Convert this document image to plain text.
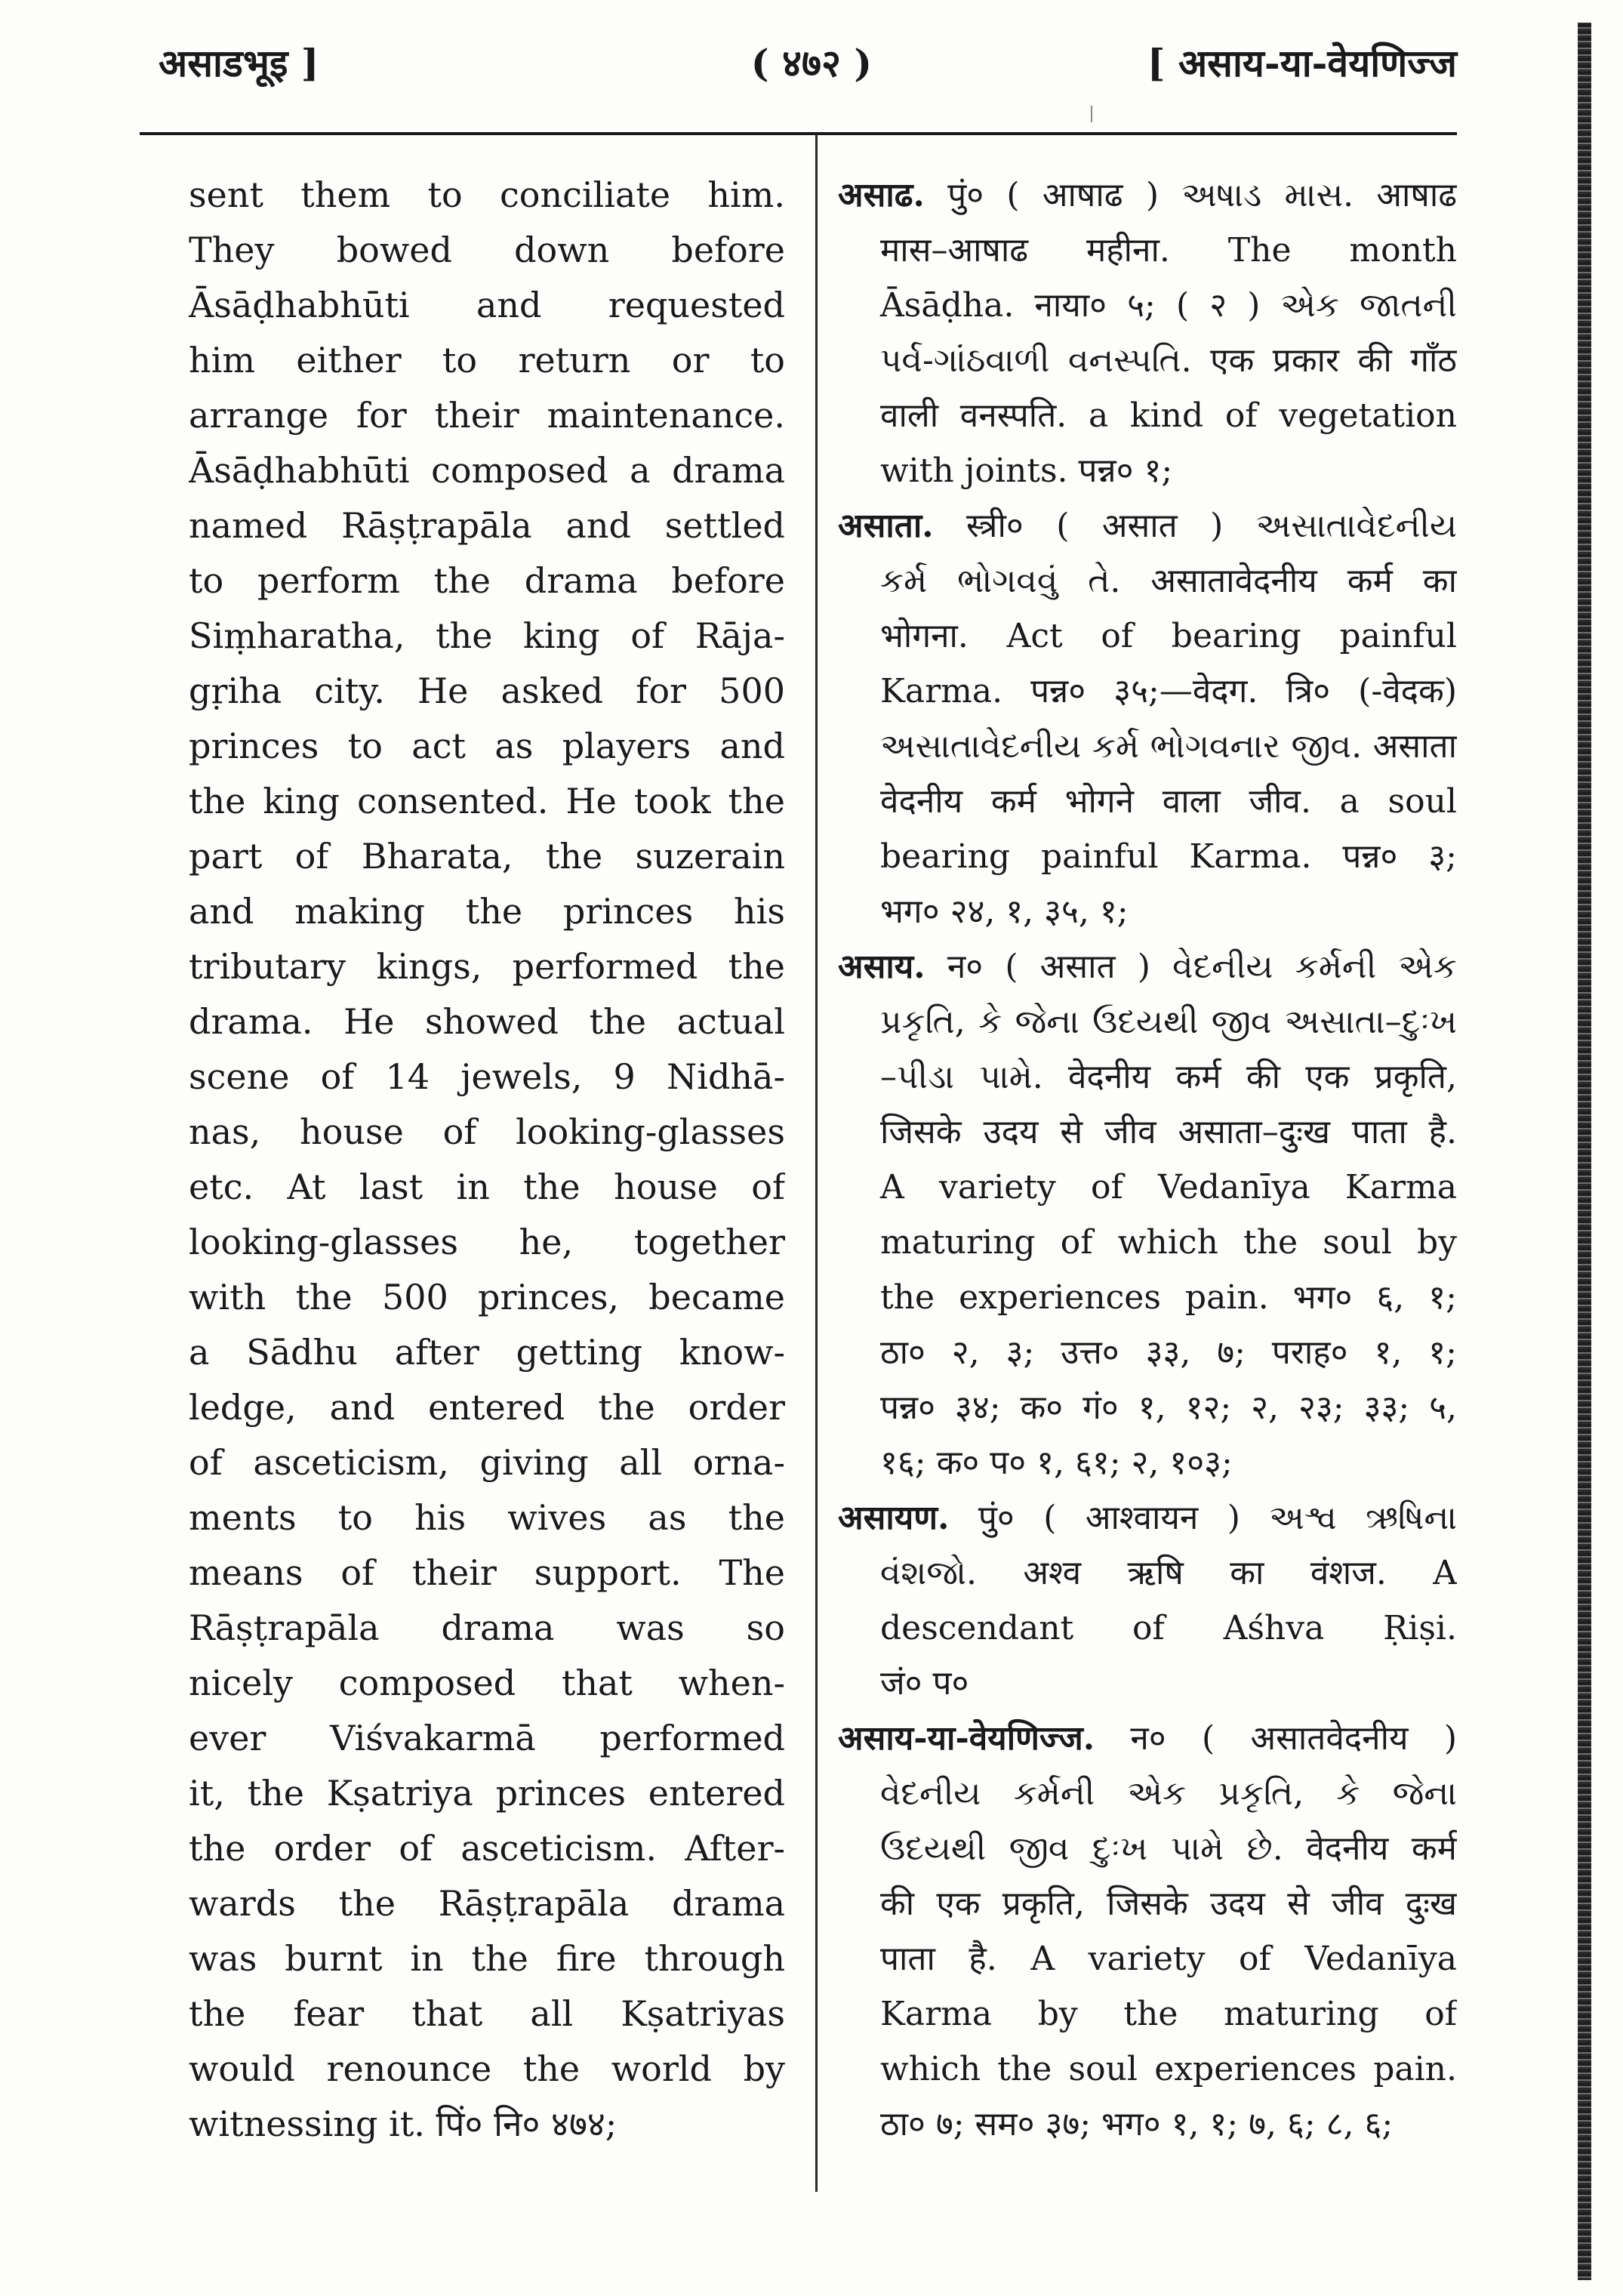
असाडभूइ ]	( ४७२ )	[ असाय-या-वेयणिज्ज
sent them to conciliate him.
They bowed down before
Āsāḍhabhūti and requested
him either to return or to
arrange for their maintenance.
Āsāḍhabhūti composed a drama
named Rāṣṭrapāla and settled
to perform the drama before
Siṃharatha, the king of Rāja-
gṛiha city. He asked for 500
princes to act as players and
the king consented. He took the
part of Bharata, the suzerain
and making the princes his
tributary kings, performed the
drama. He showed the actual
scene of 14 jewels, 9 Nidhā-
nas, house of looking-glasses
etc. At last in the house of
looking-glasses he, together
with the 500 princes, became
a Sādhu after getting know-
ledge, and entered the order
of asceticism, giving all orna-
ments to his wives as the
means of their support. The
Rāṣṭrapāla drama was so
nicely composed that when-
ever Viśvakarmā performed
it, the Kṣatriya princes entered
the order of asceticism. After-
wards the Rāṣṭrapāla drama
was burnt in the fire through
the fear that all Kṣatriyas
would renounce the world by
witnessing it. पिं० नि० ४७४;
असाढ. पुं० ( आषाढ ) અષાડ માસ. आषाढ
मास–आषाढ महीना. The month
Āsāḍha. नाया० ५; ( २ ) એક જાતની
પર્વ-ગાંઠવાળી વનસ્પતિ. एक प्रकार की गाँठ
वाली वनस्पति. a kind of vegetation
with joints. पन्न० १;
असाता. स्त्री० ( असात ) અસાતાવેદનીય
કર્મ ભોગવવું તે. असातावेदनीय कर्म का
भोगना. Act of bearing painful
Karma. पन्न० ३५;—वेदग. त्रि० (-वेदक)
અસાતાવેદનીય કર્મ ભોગવનાર જીવ. असाता
वेदनीय कर्म भोगने वाला जीव. a soul
bearing painful Karma. पन्न० ३;
भग० २४, १, ३५, १;
असाय. न० ( असात ) વેદનીય કર્મની એક
પ્રકૃતિ, કે જેના ઉદયથી જીવ અસાતા–દુઃખ
–પીડા પામે. वेदनीय कर्म की एक प्रकृति,
जिसके उदय से जीव असाता–दुःख पाता है.
A variety of Vedanīya Karma
maturing of which the soul by
the experiences pain. भग० ६, १;
ठा० २, ३; उत्त० ३३, ७; पराह० १, १;
पन्न० ३४; क० गं० १, १२; २, २३; ३३; ५,
१६; क० प० १, ६१; २, १०३;
असायण. पुं० ( आश्वायन ) અશ્વ ઋષિના
વંશજો. अश्व ऋषि का वंशज. A
descendant of Aśhva Ṛiṣi.
जं० प०
असाय-या-वेयणिज्ज. न० ( असातवेदनीय )
વેદનીય કર્મની એક પ્રકૃતિ, કે જેના
ઉદયથી જીવ દુઃખ પામે છે. वेदनीय कर्म
की एक प्रकृति, जिसके उदय से जीव दुःख
पाता है. A variety of Vedanīya
Karma by the maturing of
which the soul experiences pain.
ठा० ७; सम० ३७; भग० १, १; ७, ६; ८, ६;
